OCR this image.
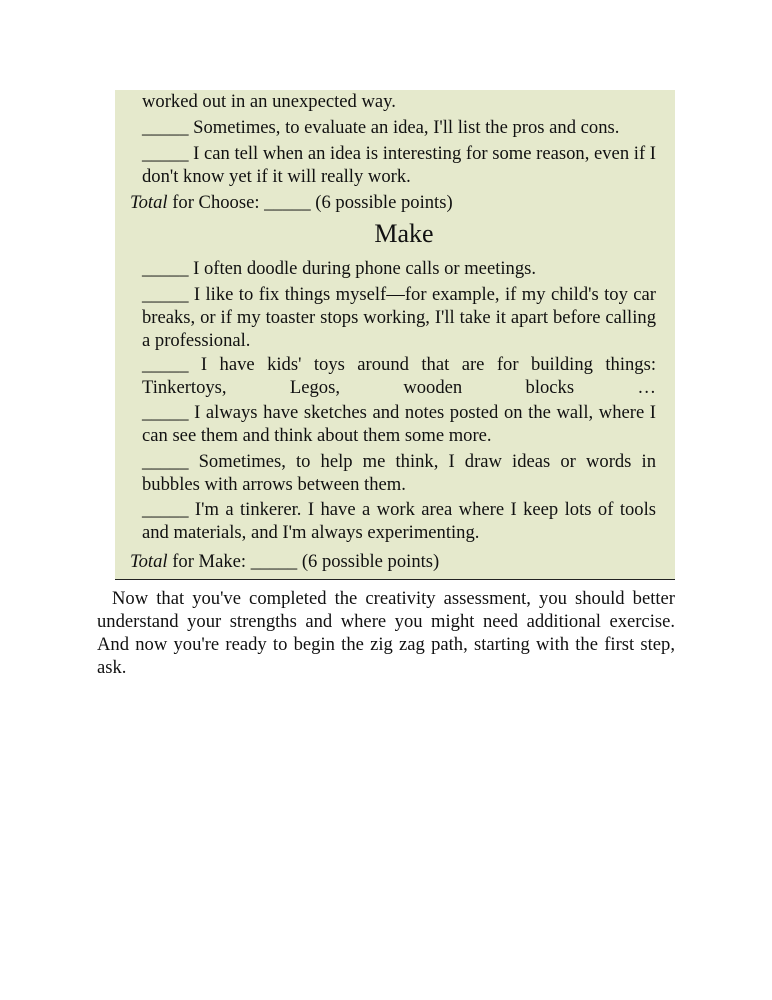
worked out in an unexpected way.
_____ Sometimes, to evaluate an idea, I'll list the pros and cons.
_____ I can tell when an idea is interesting for some reason, even if I don't know yet if it will really work.
Total for Choose: _____ (6 possible points)
Make
_____ I often doodle during phone calls or meetings.
_____ I like to fix things myself—for example, if my child's toy car breaks, or if my toaster stops working, I'll take it apart before calling a professional.
_____ I have kids' toys around that are for building things: Tinkertoys, Legos, wooden blocks …
_____ I always have sketches and notes posted on the wall, where I can see them and think about them some more.
_____ Sometimes, to help me think, I draw ideas or words in bubbles with arrows between them.
_____ I'm a tinkerer. I have a work area where I keep lots of tools and materials, and I'm always experimenting.
Total for Make: _____ (6 possible points)
Now that you've completed the creativity assessment, you should better understand your strengths and where you might need additional exercise. And now you're ready to begin the zig zag path, starting with the first step, ask.
